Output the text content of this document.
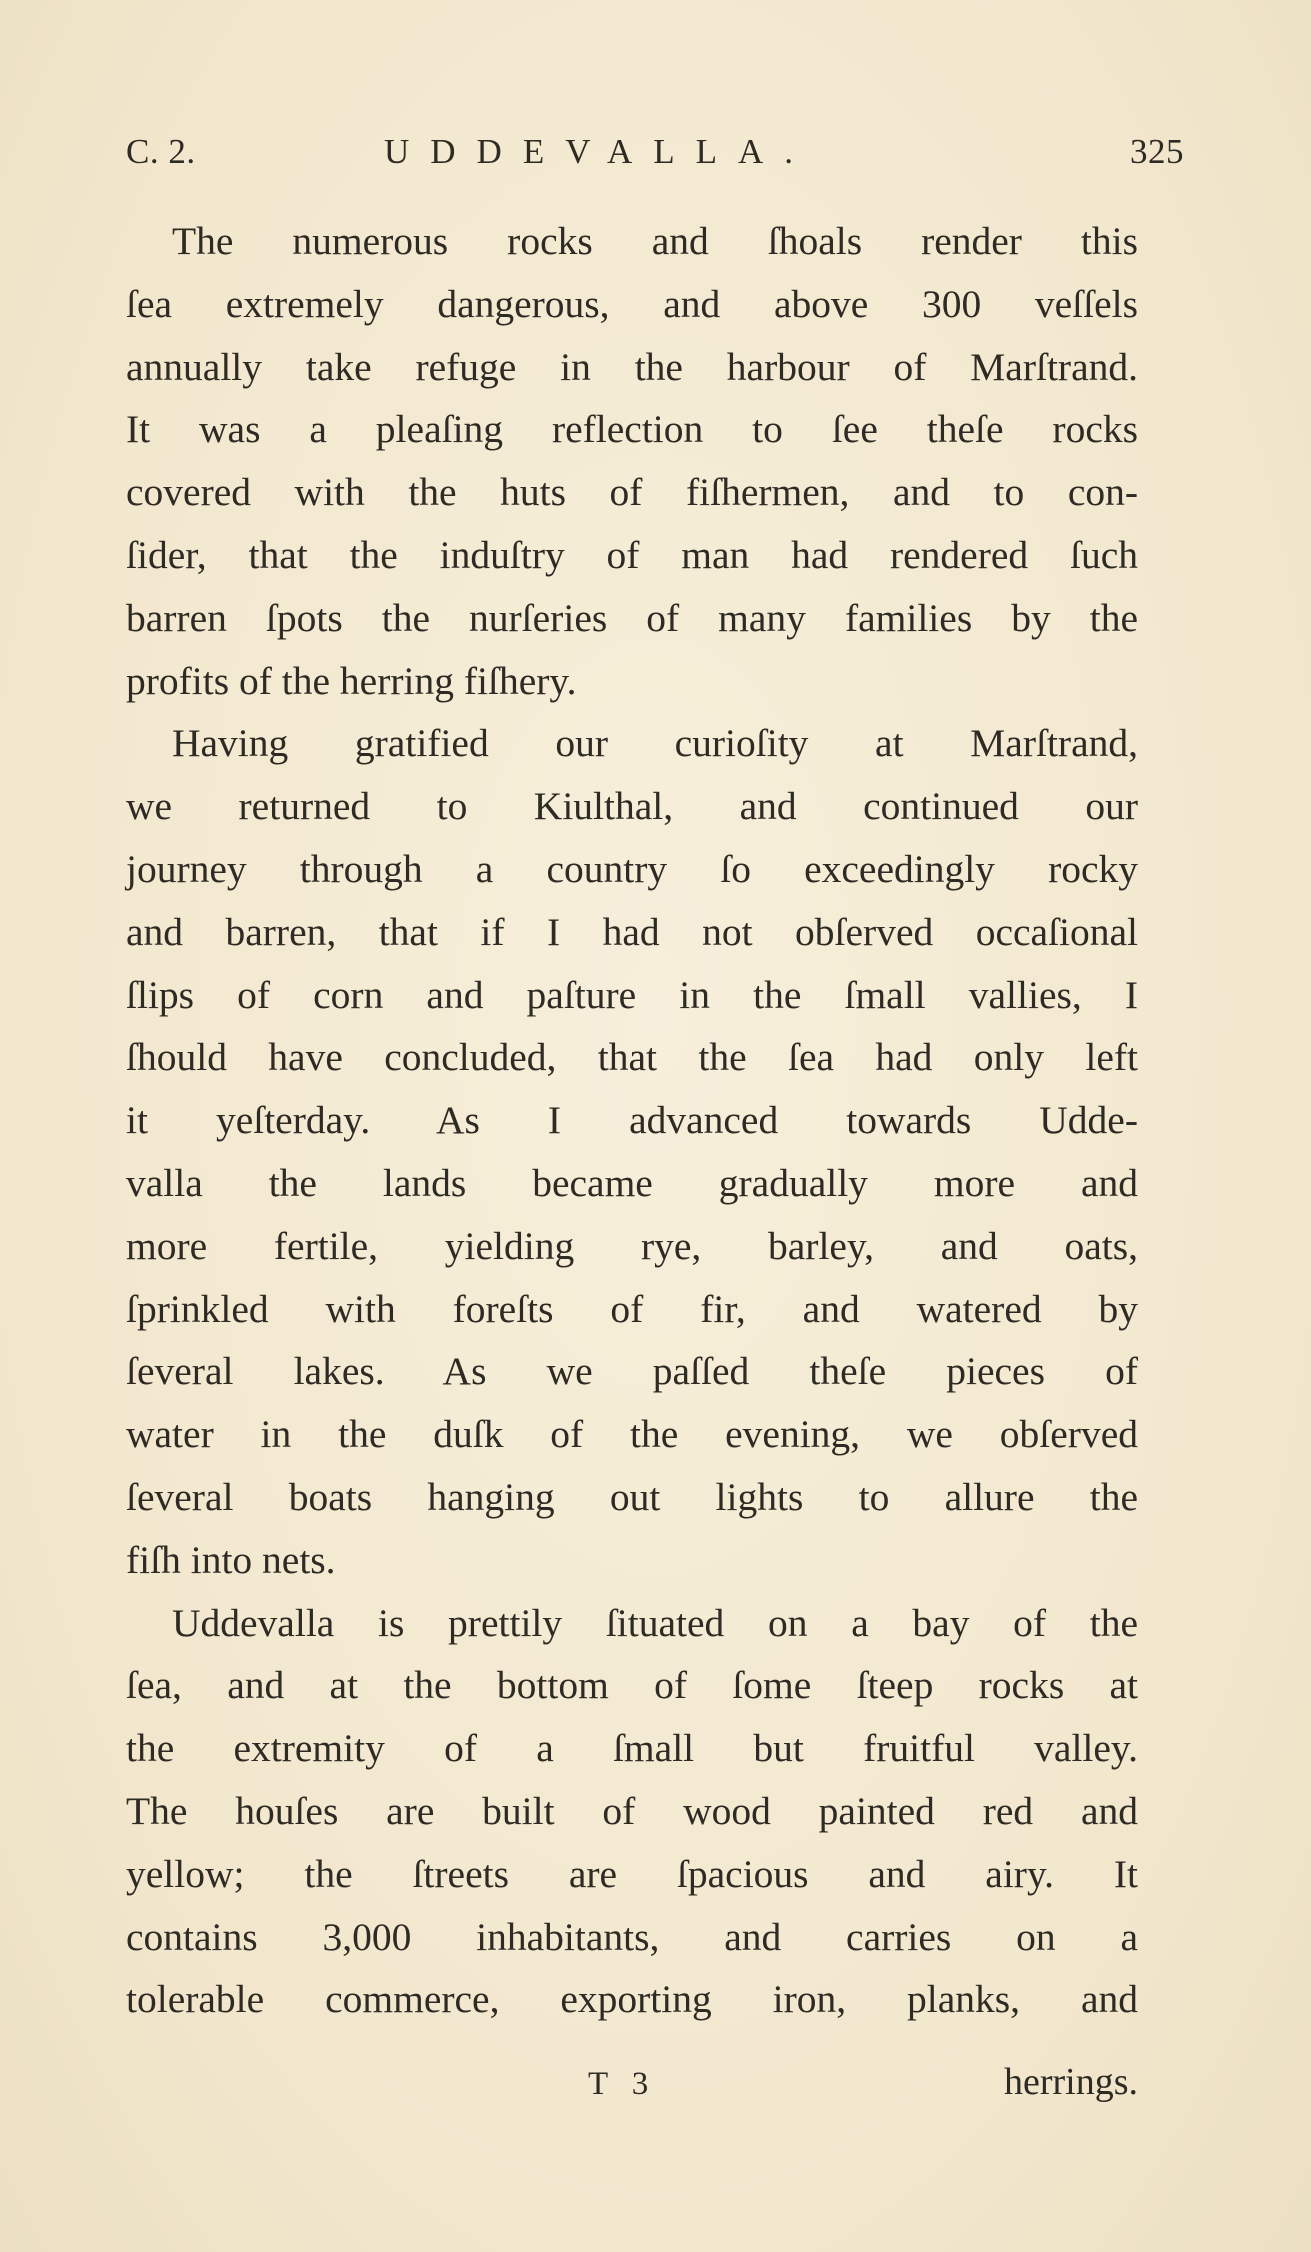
C. 2.	UDDEVALLA.	325
The numerous rocks and ſhoals render this
ſea extremely dangerous, and above 300 veſſels
annually take refuge in the harbour of Marſtrand.
It was a pleaſing reflection to ſee theſe rocks
covered with the huts of fiſhermen, and to con-
ſider, that the induſtry of man had rendered ſuch
barren ſpots the nurſeries of many families by the
profits of the herring fiſhery.
Having gratified our curioſity at Marſtrand,
we returned to Kiulthal, and continued our
journey through a country ſo exceedingly rocky
and barren, that if I had not obſerved occaſional
ſlips of corn and paſture in the ſmall vallies, I
ſhould have concluded, that the ſea had only left
it yeſterday. As I advanced towards Udde-
valla the lands became gradually more and
more fertile, yielding rye, barley, and oats,
ſprinkled with foreſts of fir, and watered by
ſeveral lakes. As we paſſed theſe pieces of
water in the duſk of the evening, we obſerved
ſeveral boats hanging out lights to allure the
fiſh into nets.
Uddevalla is prettily ſituated on a bay of the
ſea, and at the bottom of ſome ſteep rocks at
the extremity of a ſmall but fruitful valley.
The houſes are built of wood painted red and
yellow; the ſtreets are ſpacious and airy. It
contains 3,000 inhabitants, and carries on a
tolerable commerce, exporting iron, planks, and
T 3	herrings.
